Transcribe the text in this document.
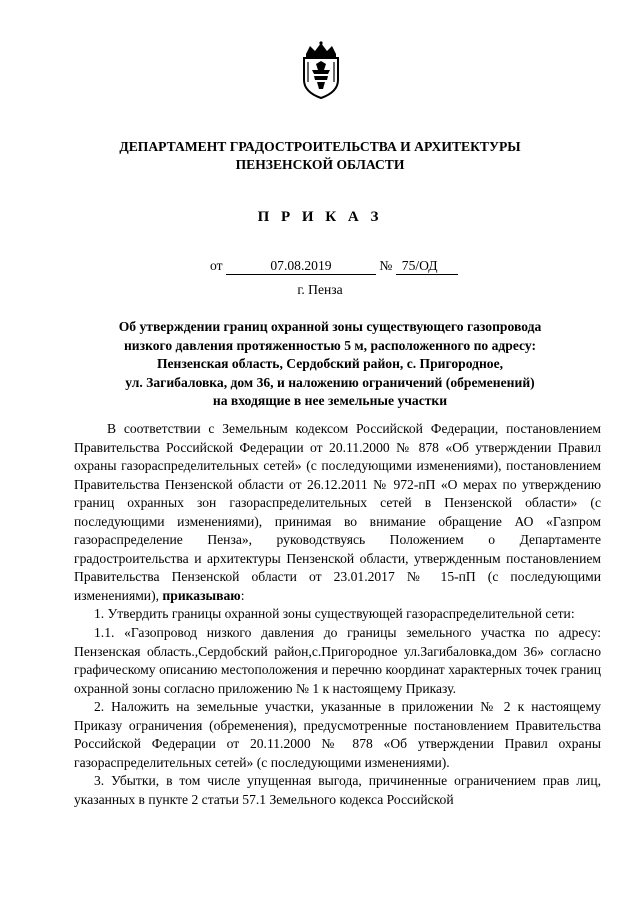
ДЕПАРТАМЕНТ ГРАДОСТРОИТЕЛЬСТВА И АРХИТЕКТУРЫ
ПЕНЗЕНСКОЙ ОБЛАСТИ
П Р И К А З
от	07.08.2019	№ 75/ОД
г. Пенза
Об утверждении границ охранной зоны существующего газопровода
низкого давления протяженностью 5 м, расположенного по адресу:
Пензенская область, Сердобский район, с. Пригородное,
ул. Загибаловка, дом 36, и наложению ограничений (обременений)
на входящие в нее земельные участки

В соответствии с Земельным кодексом Российской Федерации, постановлением Правительства Российской Федерации от 20.11.2000 № 878 «Об утверждении Правил охраны газораспределительных сетей» (с последующими изменениями), постановлением Правительства Пензенской области от 26.12.2011 № 972-пП «О мерах по утверждению границ охранных зон газораспределительных сетей в Пензенской области» (с последующими изменениями), принимая во внимание обращение АО «Газпром газораспределение Пенза», руководствуясь Положением о Департаменте градостроительства и архитектуры Пензенской области, утвержденным постановлением Правительства Пензенской области от 23.01.2017 № 15-пП (с последующими изменениями), приказываю:

1. Утвердить границы охранной зоны существующей газораспределительной сети:

1.1. «Газопровод низкого давления до границы земельного участка по адресу: Пензенская область.,Сердобский район,с.Пригородное ул.Загибаловка,дом 36» согласно графическому описанию местоположения и перечню координат характерных точек границ охранной зоны согласно приложению № 1 к настоящему Приказу.

2. Наложить на земельные участки, указанные в приложении № 2 к настоящему Приказу ограничения (обременения), предусмотренные постановлением Правительства Российской Федерации от 20.11.2000 № 878 «Об утверждении Правил охраны газораспределительных сетей» (с последующими изменениями).

3. Убытки, в том числе упущенная выгода, причиненные ограничением прав лиц, указанных в пункте 2 статьи 57.1 Земельного кодекса Российской
